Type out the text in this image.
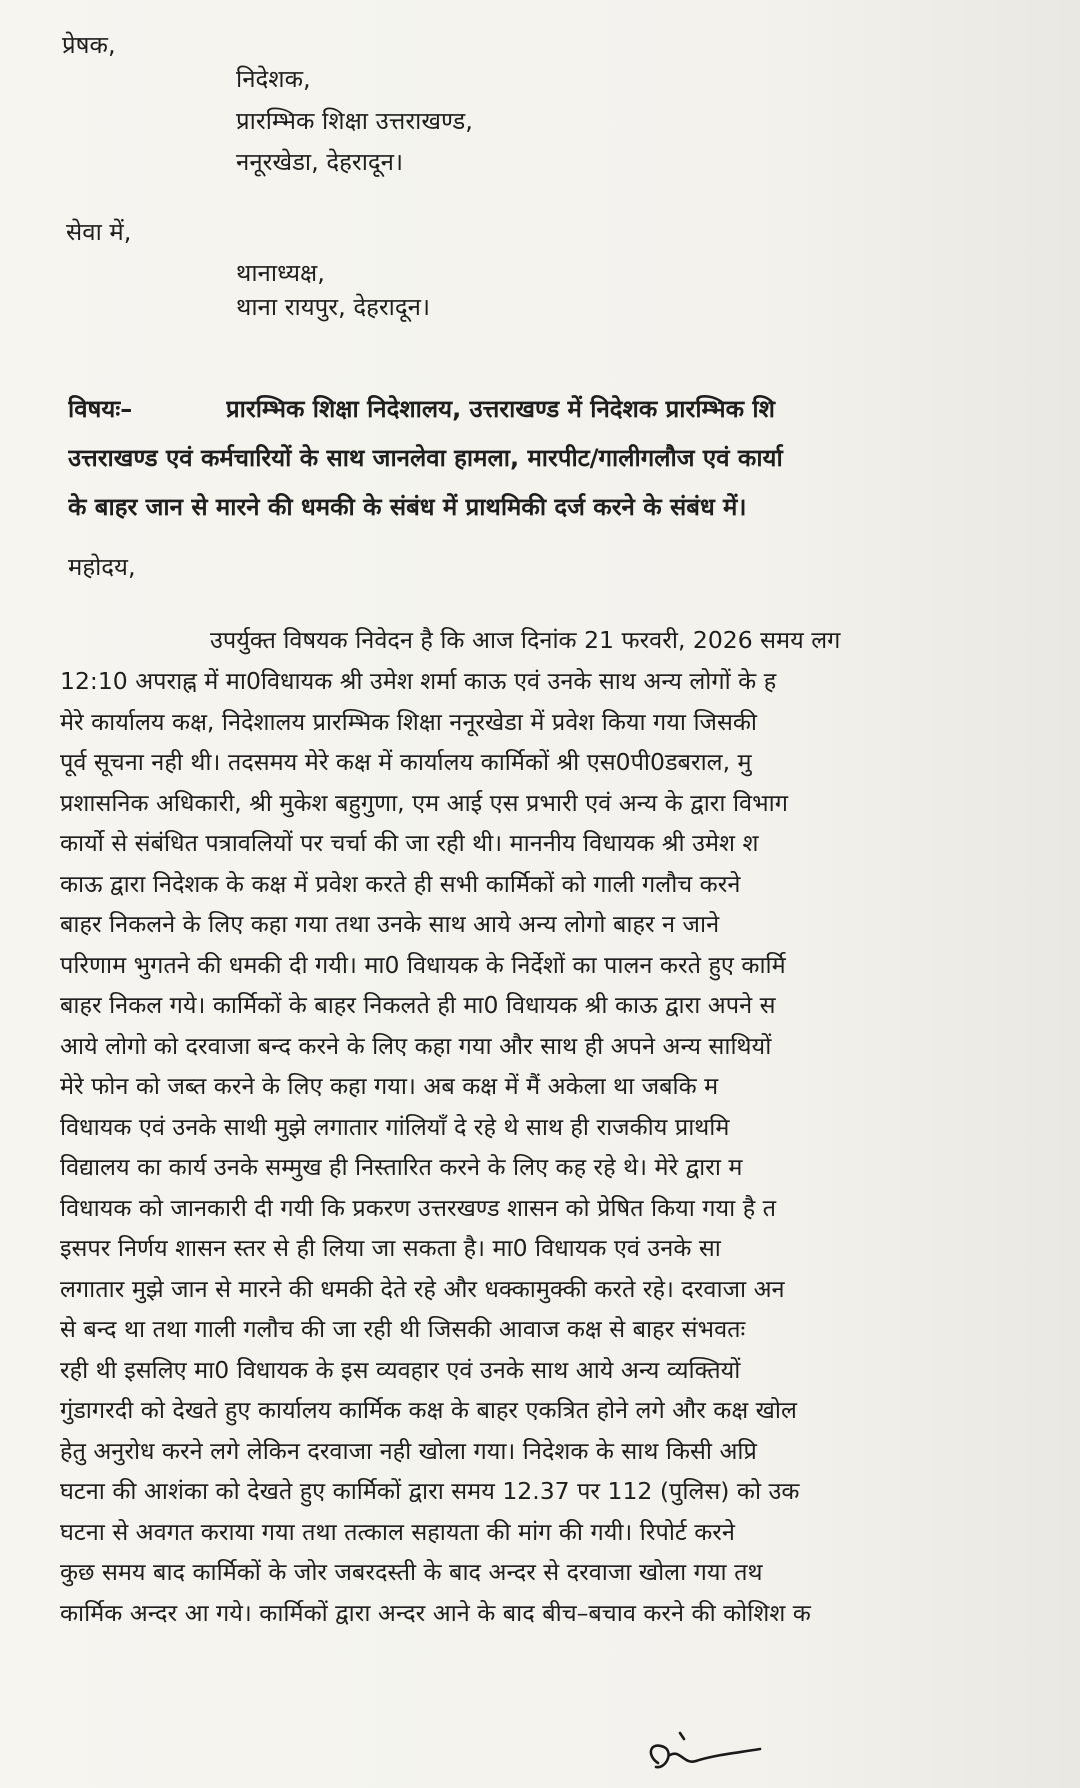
प्रेषक,
निदेशक,
प्रारम्भिक शिक्षा उत्तराखण्ड,
ननूरखेडा, देहरादून।
सेवा में,
थानाध्यक्ष,
थाना रायपुर, देहरादून।
विषयः–	प्रारम्भिक शिक्षा निदेशालय, उत्तराखण्ड में निदेशक प्रारम्भिक शि
उत्तराखण्ड एवं कर्मचारियों के साथ जानलेवा हामला, मारपीट/गालीगलौज एवं कार्या
के बाहर जान से मारने की धमकी के संबंध में प्राथमिकी दर्ज करने के संबंध में।
महोदय,
उपर्युक्त विषयक निवेदन है कि आज दिनांक 21 फरवरी, 2026 समय लग
12:10 अपराह्न में मा0विधायक श्री उमेश शर्मा काऊ एवं उनके साथ अन्य लोगों के ह
मेरे कार्यालय कक्ष, निदेशालय प्रारम्भिक शिक्षा ननूरखेडा में प्रवेश किया गया जिसकी
पूर्व सूचना नही थी। तदसमय मेरे कक्ष में कार्यालय कार्मिकों श्री एस0पी0डबराल, मु
प्रशासनिक अधिकारी, श्री मुकेश बहुगुणा, एम आई एस प्रभारी एवं अन्य के द्वारा विभाग
कार्यो से संबंधित पत्रावलियों पर चर्चा की जा रही थी। माननीय विधायक श्री उमेश श
काऊ द्वारा निदेशक के कक्ष में प्रवेश करते ही सभी कार्मिकों को गाली गलौच करने
बाहर निकलने के लिए कहा गया तथा उनके साथ आये अन्य लोगो बाहर न जाने
परिणाम भुगतने की धमकी दी गयी। मा0 विधायक के निर्देशों का पालन करते हुए कार्मि
बाहर निकल गये। कार्मिकों के बाहर निकलते ही मा0 विधायक श्री काऊ द्वारा अपने स
आये लोगो को दरवाजा बन्द करने के लिए कहा गया और साथ ही अपने अन्य साथियों
मेरे फोन को जब्त करने के लिए कहा गया। अब कक्ष में मैं अकेला था जबकि म
विधायक एवं उनके साथी मुझे लगातार गांलियॉं दे रहे थे साथ ही राजकीय प्राथमि
विद्यालय का कार्य उनके सम्मुख ही निस्तारित करने के लिए कह रहे थे। मेरे द्वारा म
विधायक को जानकारी दी गयी कि प्रकरण उत्तरखण्ड शासन को प्रेषित किया गया है त
इसपर निर्णय शासन स्तर से ही लिया जा सकता है। मा0 विधायक एवं उनके सा
लगातार मुझे जान से मारने की धमकी देते रहे और धक्कामुक्की करते रहे। दरवाजा अन
से बन्द था तथा गाली गलौच की जा रही थी जिसकी आवाज कक्ष से बाहर संभवतः
रही थी इसलिए मा0 विधायक के इस व्यवहार एवं उनके साथ आये अन्य व्यक्तियों
गुंडागरदी को देखते हुए कार्यालय कार्मिक कक्ष के बाहर एकत्रित होने लगे और कक्ष खोल
हेतु अनुरोध करने लगे लेकिन दरवाजा नही खोला गया। निदेशक के साथ किसी अप्रि
घटना की आशंका को देखते हुए कार्मिकों द्वारा समय 12.37 पर 112 (पुलिस) को उक
घटना से अवगत कराया गया तथा तत्काल सहायता की मांग की गयी। रिपोर्ट करने
कुछ समय बाद कार्मिकों के जोर जबरदस्ती के बाद अन्दर से दरवाजा खोला गया तथ
कार्मिक अन्दर आ गये। कार्मिकों द्वारा अन्दर आने के बाद बीच–बचाव करने की कोशिश क
